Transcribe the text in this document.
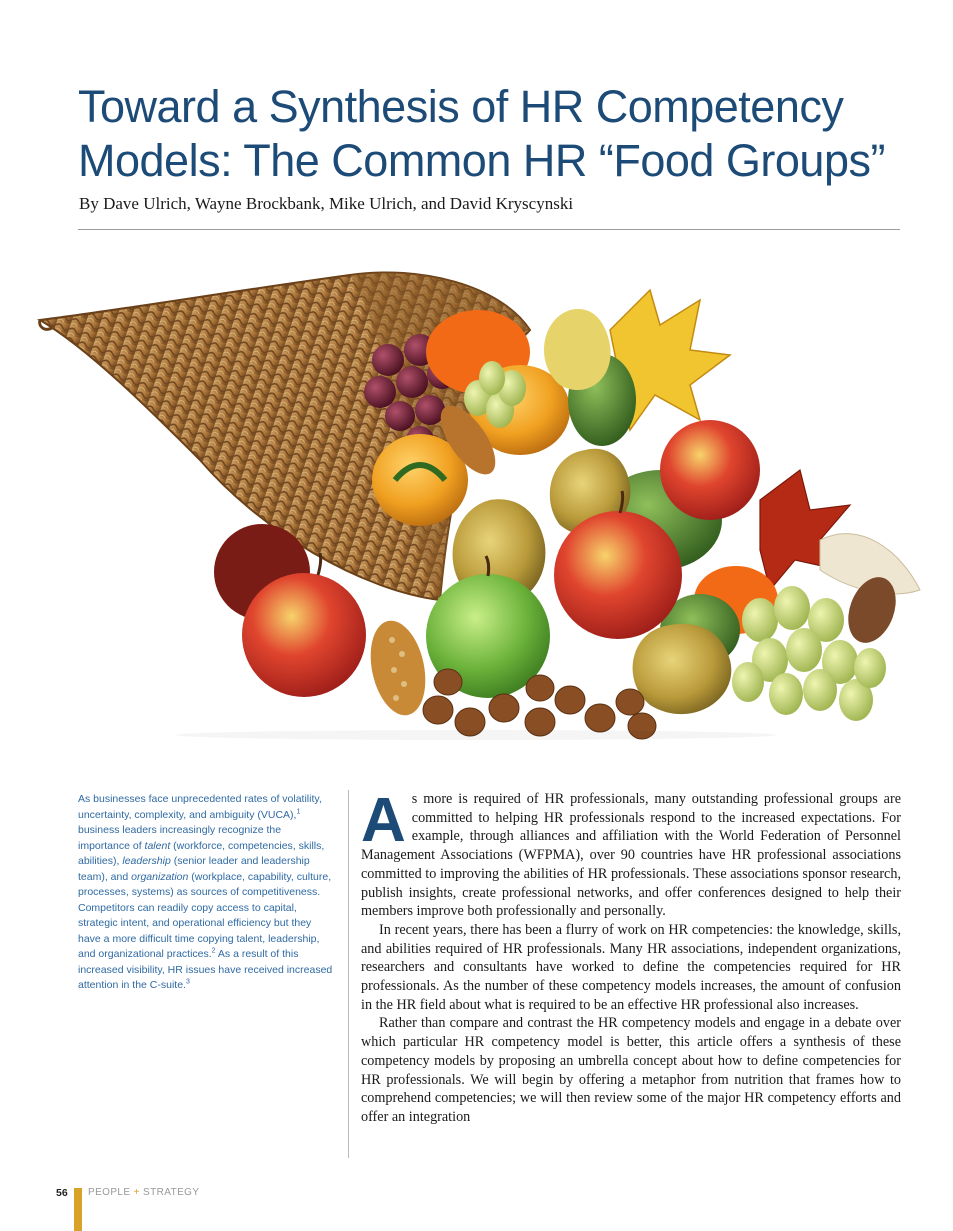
Toward a Synthesis of HR Competency
Models: The Common HR “Food Groups”
By Dave Ulrich, Wayne Brockbank, Mike Ulrich, and David Kryscynski

As businesses face unprecedented rates of volatility, uncertainty, complexity, and ambiguity (VUCA),$^1$ business leaders increasingly recognize the importance of talent (workforce, competencies, skills, abilities), leadership (senior leader and leadership team), and organization (workplace, capability, culture, processes, systems) as sources of competitiveness. Competitors can readily copy access to capital, strategic intent, and operational efficiency but they have a more difficult time copying talent, leadership, and organizational practices.$^2$ As a result of this increased visibility, HR issues have received increased attention in the C-suite.$^3$

As more is required of HR professionals, many outstanding professional groups are committed to helping HR professionals respond to the increased expectations. For example, through alliances and affiliation with the World Federation of Personnel Management Associations (WFPMA), over 90 countries have HR professional associations committed to improving the abilities of HR professionals. These associations sponsor research, publish insights, create professional networks, and offer conferences designed to help their members improve both professionally and personally.

In recent years, there has been a flurry of work on HR competencies: the knowledge, skills, and abilities required of HR professionals. Many HR associations, independent organizations, researchers and consultants have worked to define the competencies required for HR professionals. As the number of these competency models increases, the amount of confusion in the HR field about what is required to be an effective HR professional also increases.

Rather than compare and contrast the HR competency models and engage in a debate over which particular HR competency model is better, this article offers a synthesis of these competency models by proposing an umbrella concept about how to define competencies for HR professionals. We will begin by offering a metaphor from nutrition that frames how to comprehend competencies; we will then review some of the major HR competency efforts and offer an integration

56 PEOPLE + STRATEGY
